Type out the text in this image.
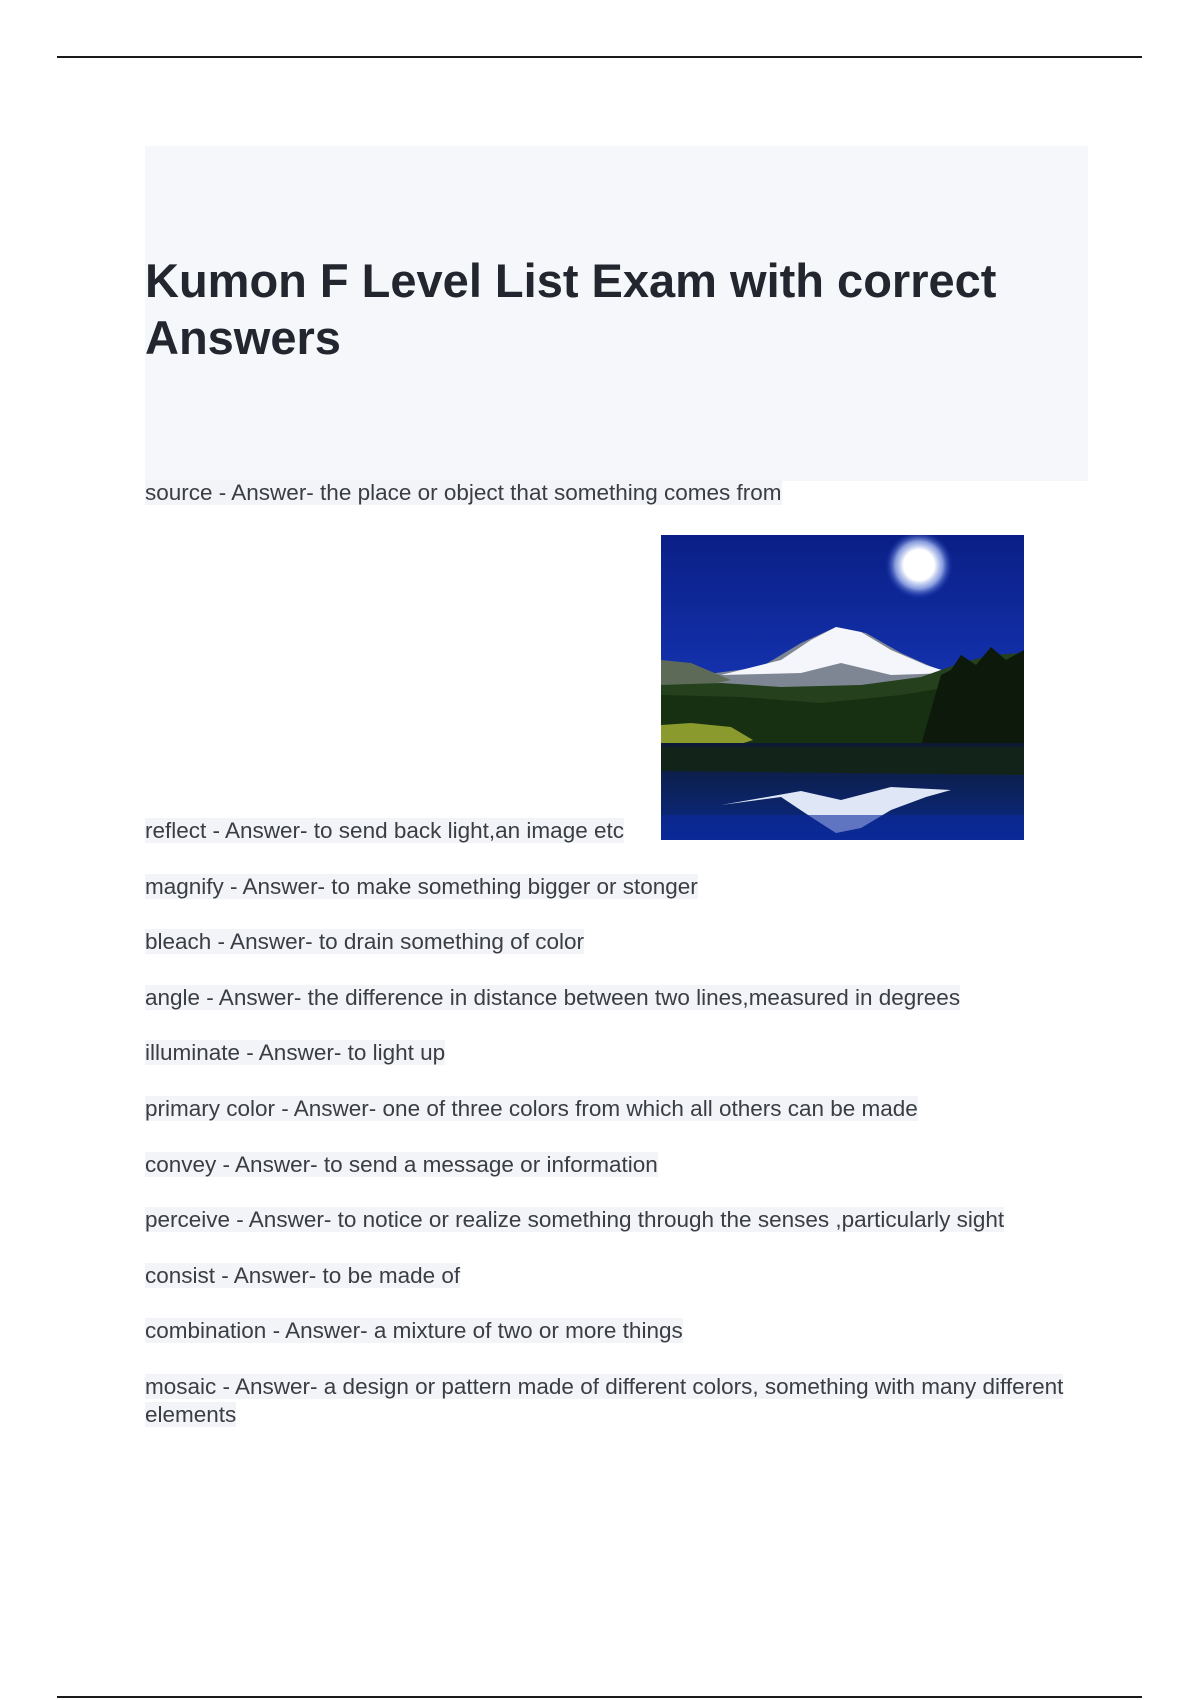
Kumon F Level List Exam with correct Answers

source - Answer- the place or object that something comes from

reflect - Answer- to send back light,an image etc

magnify - Answer- to make something bigger or stonger

bleach - Answer- to drain something of color

angle - Answer- the difference in distance between two lines,measured in degrees

illuminate - Answer- to light up

primary color - Answer- one of three colors from which all others can be made

convey - Answer- to send a message or information

perceive - Answer- to notice or realize something through the senses ,particularly sight

consist - Answer- to be made of

combination - Answer- a mixture of two or more things

mosaic - Answer- a design or pattern made of different colors, something with many different elements
